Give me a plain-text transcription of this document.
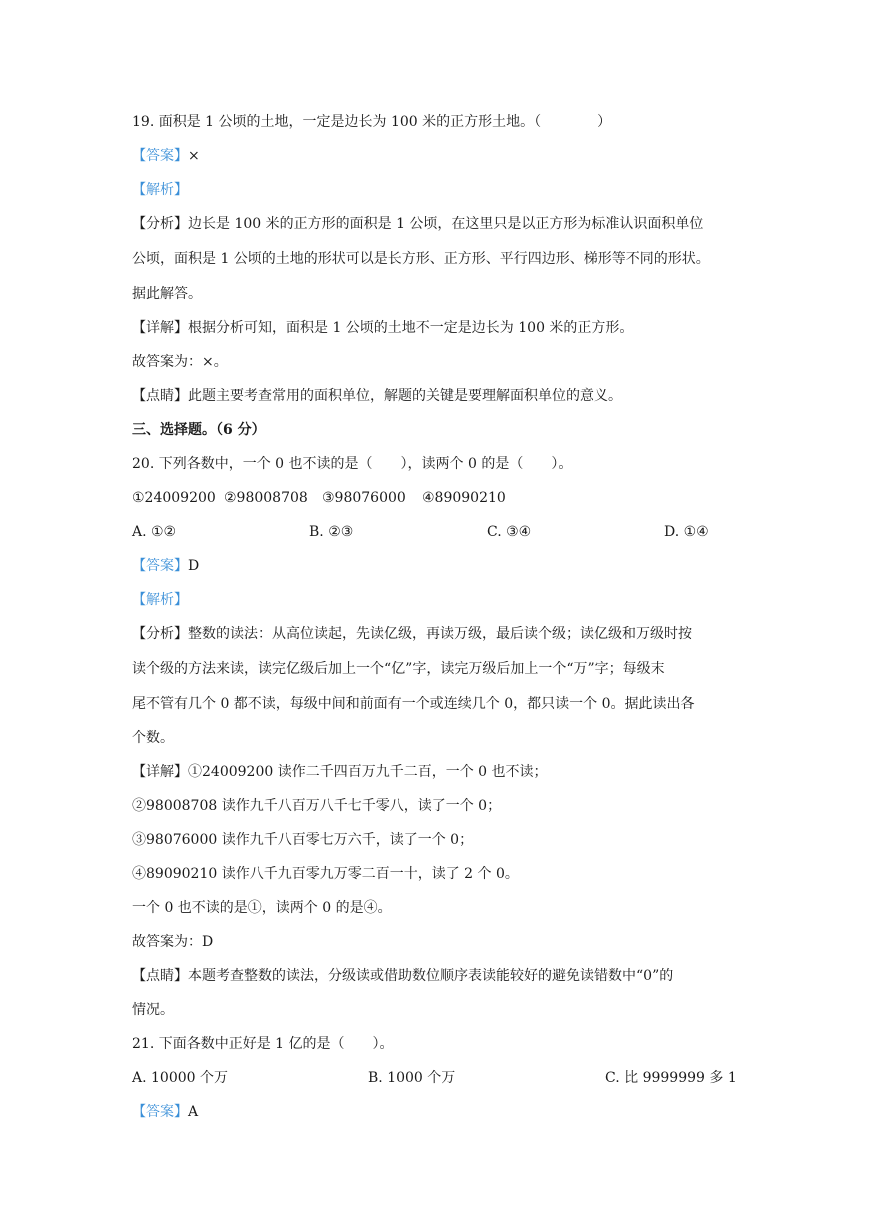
19. 面积是 1 公顷的土地，一定是边长为 100 米的正方形土地。（　　　　）
【答案】×
【解析】
【分析】边长是 100 米的正方形的面积是 1 公顷，在这里只是以正方形为标准认识面积单位
公顷，面积是 1 公顷的土地的形状可以是长方形、正方形、平行四边形、梯形等不同的形状。
据此解答。
【详解】根据分析可知，面积是 1 公顷的土地不一定是边长为 100 米的正方形。
故答案为：×。
【点睛】此题主要考查常用的面积单位，解题的关键是要理解面积单位的意义。
三、选择题。（6 分）
20. 下列各数中，一个 0 也不读的是（　　），读两个 0 的是（　　）。
①24009200 ②98008708 ③98076000 ④89090210
A. ①②	B. ②③	C. ③④	D. ①④
【答案】D
【解析】
【分析】整数的读法：从高位读起，先读亿级，再读万级，最后读个级；读亿级和万级时按
读个级的方法来读，读完亿级后加上一个“亿”字，读完万级后加上一个“万”字；每级末
尾不管有几个 0 都不读，每级中间和前面有一个或连续几个 0，都只读一个 0。据此读出各
个数。
【详解】①24009200 读作二千四百万九千二百，一个 0 也不读；
②98008708 读作九千八百万八千七千零八，读了一个 0；
③98076000 读作九千八百零七万六千，读了一个 0；
④89090210 读作八千九百零九万零二百一十，读了 2 个 0。
一个 0 也不读的是①，读两个 0 的是④。
故答案为：D
【点睛】本题考查整数的读法，分级读或借助数位顺序表读能较好的避免读错数中“0”的
情况。
21. 下面各数中正好是 1 亿的是（　　）。
A. 10000 个万	B. 1000 个万	C. 比 9999999 多 1
【答案】A
